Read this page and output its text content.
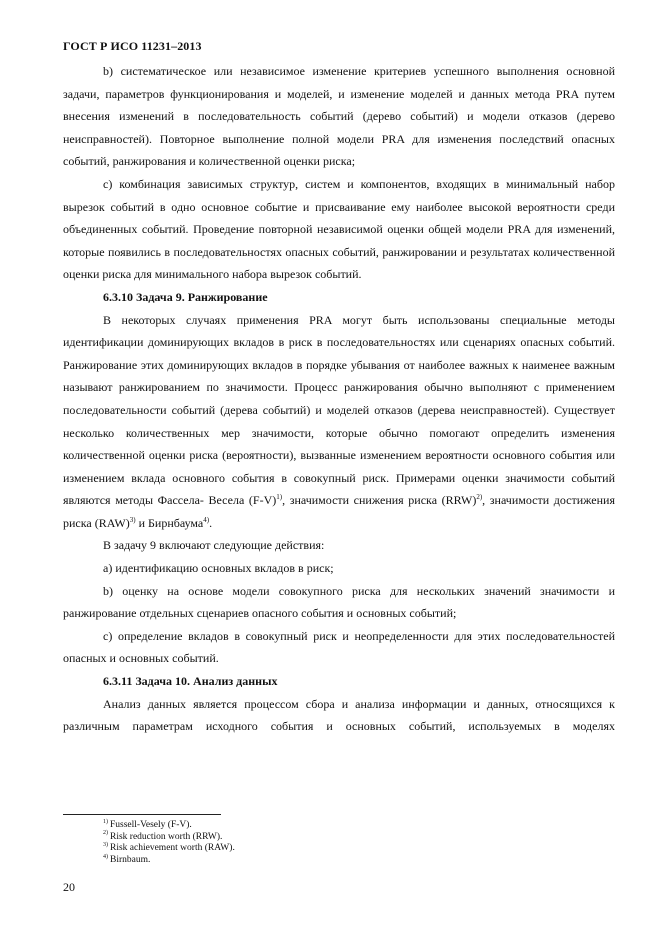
ГОСТ Р ИСО 11231–2013

b) систематическое или независимое изменение критериев успешного выполнения основной задачи, параметров функционирования и моделей, и изменение моделей и данных метода PRA путем внесения изменений в последовательность событий (дерево событий) и модели отказов (дерево неисправностей). Повторное выполнение полной модели PRA для изменения последствий опасных событий, ранжирования и количественной оценки риска;

c) комбинация зависимых структур, систем и компонентов, входящих в минимальный набор вырезок событий в одно основное событие и присваивание ему наиболее высокой вероятности среди объединенных событий. Проведение повторной независимой оценки общей модели PRA для изменений, которые появились в последовательностях опасных событий, ранжировании и результатах количественной оценки риска для минимального набора вырезок событий.

6.3.10 Задача 9. Ранжирование

В некоторых случаях применения PRA могут быть использованы специальные методы идентификации доминирующих вкладов в риск в последовательностях или сценариях опасных событий. Ранжирование этих доминирующих вкладов в порядке убывания от наиболее важных к наименее важным называют ранжированием по значимости. Процесс ранжирования обычно выполняют с применением последовательности событий (дерева событий) и моделей отказов (дерева неисправностей). Существует несколько количественных мер значимости, которые обычно помогают определить изменения количественной оценки риска (вероятности), вызванные изменением вероятности основного события или изменением вклада основного события в совокупный риск. Примерами оценки значимости событий являются методы Фассела- Весела $(F-V)^{1)}$, значимости снижения риска (RRW)$^{2)}$, значимости достижения риска (RAW)$^{3)}$ и Бирнбаума$^{4)}$.

В задачу 9 включают следующие действия:

a) идентификацию основных вкладов в риск;

b) оценку на основе модели совокупного риска для нескольких значений значимости и ранжирование отдельных сценариев опасного события и основных событий;

c) определение вкладов в совокупный риск и неопределенности для этих последовательностей опасных и основных событий.

6.3.11 Задача 10. Анализ данных

Анализ данных является процессом сбора и анализа информации и данных, относящихся к различным параметрам исходного события и основных событий, используемых в моделях

$^{1)}$ Fussell-Vesely (F-V).
$^{2)}$ Risk reduction worth (RRW).
$^{3)}$ Risk achievement worth (RAW).
$^{4)}$ Birnbaum.
20
